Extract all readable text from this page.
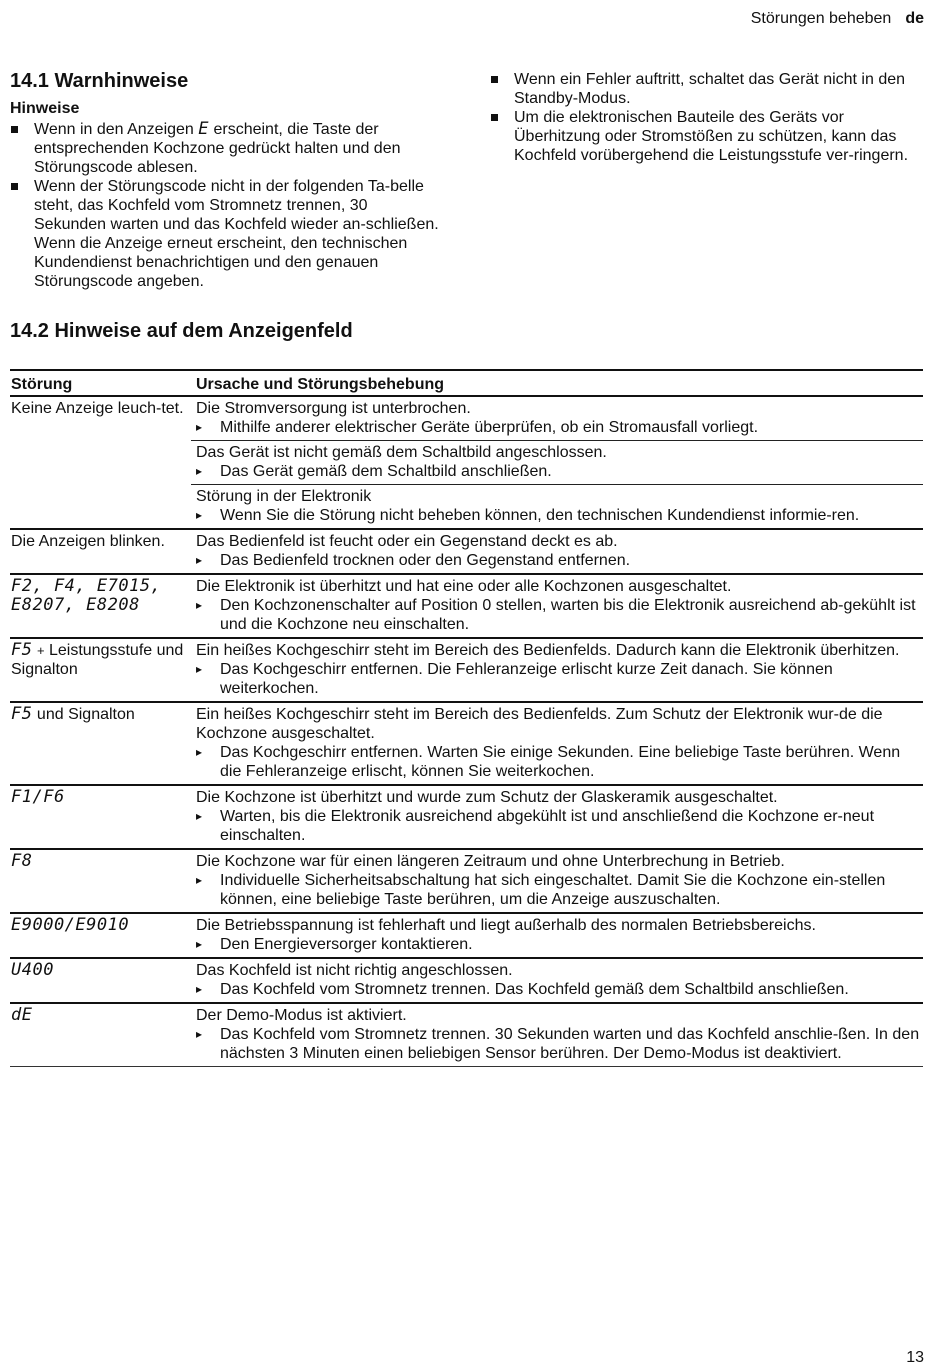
Störungen beheben de
14.1 Warnhinweise
Hinweise
Wenn in den Anzeigen E erscheint, die Taste der entsprechenden Kochzone gedrückt halten und den Störungscode ablesen.
Wenn der Störungscode nicht in der folgenden Ta-belle steht, das Kochfeld vom Stromnetz trennen, 30 Sekunden warten und das Kochfeld wieder an-schließen. Wenn die Anzeige erneut erscheint, den technischen Kundendienst benachrichtigen und den genauen Störungscode angeben.
Wenn ein Fehler auftritt, schaltet das Gerät nicht in den Standby-Modus.
Um die elektronischen Bauteile des Geräts vor Überhitzung oder Stromstößen zu schützen, kann das Kochfeld vorübergehend die Leistungsstufe ver-ringern.
14.2 Hinweise auf dem Anzeigenfeld
Störung	Ursache und Störungsbehebung
Keine Anzeige leuch-tet.	Die Stromversorgung ist unterbrochen.
▸ Mithilfe anderer elektrischer Geräte überprüfen, ob ein Stromausfall vorliegt.

	Das Gerät ist nicht gemäß dem Schaltbild angeschlossen.
▸ Das Gerät gemäß dem Schaltbild anschließen.

	Störung in der Elektronik
▸ Wenn Sie die Störung nicht beheben können, den technischen Kundendienst informie-ren.

Die Anzeigen blinken.	Das Bedienfeld ist feucht oder ein Gegenstand deckt es ab.
▸ Das Bedienfeld trocknen oder den Gegenstand entfernen.

F2, F4, E7015, E8207, E8208	Die Elektronik ist überhitzt und hat eine oder alle Kochzonen ausgeschaltet.
▸ Den Kochzonenschalter auf Position 0 stellen, warten bis die Elektronik ausreichend ab-gekühlt ist und die Kochzone neu einschalten.

F5 + Leistungsstufe und Signalton	Ein heißes Kochgeschirr steht im Bereich des Bedienfelds. Dadurch kann die Elektronik überhitzen.
▸ Das Kochgeschirr entfernen. Die Fehleranzeige erlischt kurze Zeit danach. Sie können weiterkochen.

F5 und Signalton	Ein heißes Kochgeschirr steht im Bereich des Bedienfelds. Zum Schutz der Elektronik wur-de die Kochzone ausgeschaltet.
▸ Das Kochgeschirr entfernen. Warten Sie einige Sekunden. Eine beliebige Taste berühren. Wenn die Fehleranzeige erlischt, können Sie weiterkochen.

F1/F6	Die Kochzone ist überhitzt und wurde zum Schutz der Glaskeramik ausgeschaltet.
▸ Warten, bis die Elektronik ausreichend abgekühlt ist und anschließend die Kochzone er-neut einschalten.

F8	Die Kochzone war für einen längeren Zeitraum und ohne Unterbrechung in Betrieb.
▸ Individuelle Sicherheitsabschaltung hat sich eingeschaltet. Damit Sie die Kochzone ein-stellen können, eine beliebige Taste berühren, um die Anzeige auszuschalten.

E9000/E9010	Die Betriebsspannung ist fehlerhaft und liegt außerhalb des normalen Betriebsbereichs.
▸ Den Energieversorger kontaktieren.

U400	Das Kochfeld ist nicht richtig angeschlossen.
▸ Das Kochfeld vom Stromnetz trennen. Das Kochfeld gemäß dem Schaltbild anschließen.

dE	Der Demo-Modus ist aktiviert.
▸ Das Kochfeld vom Stromnetz trennen. 30 Sekunden warten und das Kochfeld anschlie-ßen. In den nächsten 3 Minuten einen beliebigen Sensor berühren. Der Demo-Modus ist deaktiviert.
13
